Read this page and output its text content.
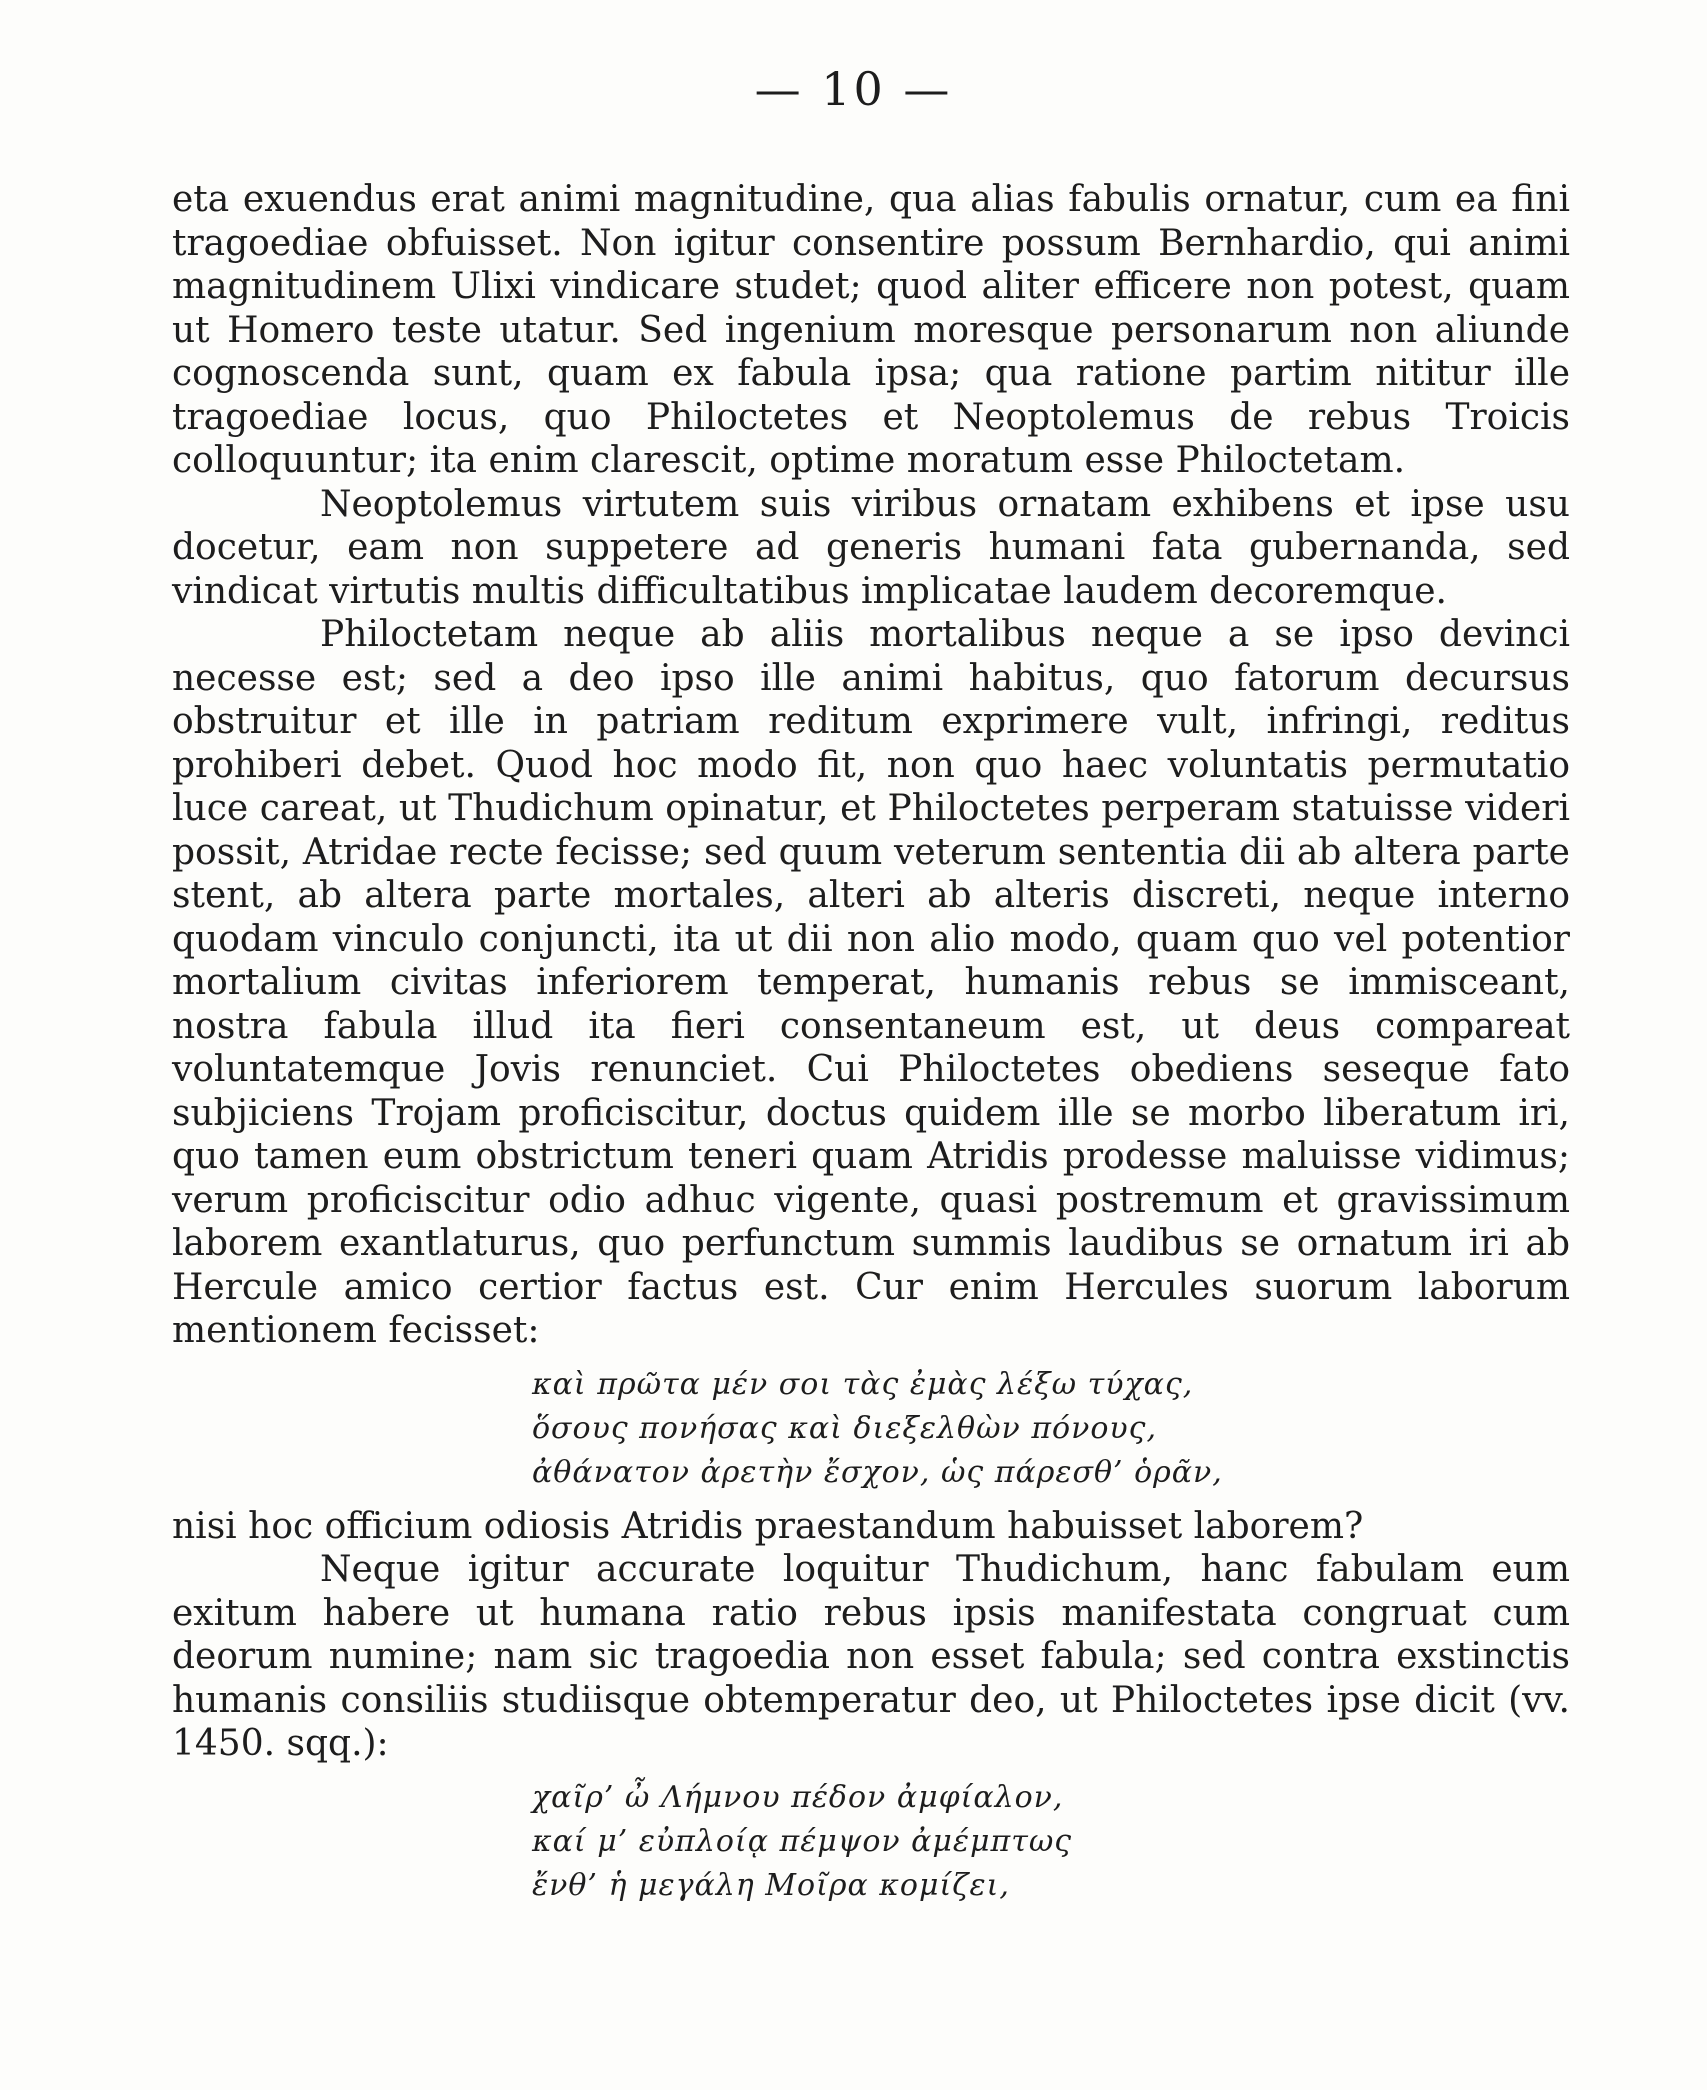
— 10 —

eta exuendus erat animi magnitudine, qua alias fabulis ornatur, cum ea fini tragoediae obfuisset. Non igitur consentire possum Bernhardio, qui animi magnitudinem Ulixi vindicare studet; quod aliter efficere non potest, quam ut Homero teste utatur. Sed ingenium moresque personarum non aliunde cognoscenda sunt, quam ex fabula ipsa; qua ratione partim nititur ille tragoediae locus, quo Philoctetes et Neoptolemus de rebus Troicis colloquuntur; ita enim clarescit, optime moratum esse Philoctetam.

Neoptolemus virtutem suis viribus ornatam exhibens et ipse usu docetur, eam non suppetere ad generis humani fata gubernanda, sed vindicat virtutis multis difficultatibus implicatae laudem decoremque.

Philoctetam neque ab aliis mortalibus neque a se ipso devinci necesse est; sed a deo ipso ille animi habitus, quo fatorum decursus obstruitur et ille in patriam reditum exprimere vult, infringi, reditus prohiberi debet. Quod hoc modo fit, non quo haec voluntatis permutatio luce careat, ut Thudichum opinatur, et Philoctetes perperam statuisse videri possit, Atridae recte fecisse; sed quum veterum sententia dii ab altera parte stent, ab altera parte mortales, alteri ab alteris discreti, neque interno quodam vinculo conjuncti, ita ut dii non alio modo, quam quo vel potentior mortalium civitas inferiorem temperat, humanis rebus se immisceant, nostra fabula illud ita fieri consentaneum est, ut deus compareat voluntatemque Jovis renunciet. Cui Philoctetes obediens seseque fato subjiciens Trojam proficiscitur, doctus quidem ille se morbo liberatum iri, quo tamen eum obstrictum teneri quam Atridis prodesse maluisse vidimus; verum proficiscitur odio adhuc vigente, quasi postremum et gravissimum laborem exantlaturus, quo perfunctum summis laudibus se ornatum iri ab Hercule amico certior factus est. Cur enim Hercules suorum laborum mentionem fecisset:

καὶ πρῶτα μέν σοι τὰς ἐμὰς λέξω τύχας,
ὅσους πονήσας καὶ διεξελθὼν πόνους,
ἀθάνατον ἀρετὴν ἔσχον, ὡς πάρεσθ’ ὁρᾶν,

nisi hoc officium odiosis Atridis praestandum habuisset laborem?

Neque igitur accurate loquitur Thudichum, hanc fabulam eum exitum habere ut humana ratio rebus ipsis manifestata congruat cum deorum numine; nam sic tragoedia non esset fabula; sed contra exstinctis humanis consiliis studiisque obtemperatur deo, ut Philoctetes ipse dicit (vv. 1450. sqq.):

χαῖρ’ ὦ Λήμνου πέδον ἀμφίαλον,
καί μ’ εὐπλοίᾳ πέμψον ἀμέμπτως
ἔνθ’ ἡ μεγάλη Μοῖρα κομίζει,
